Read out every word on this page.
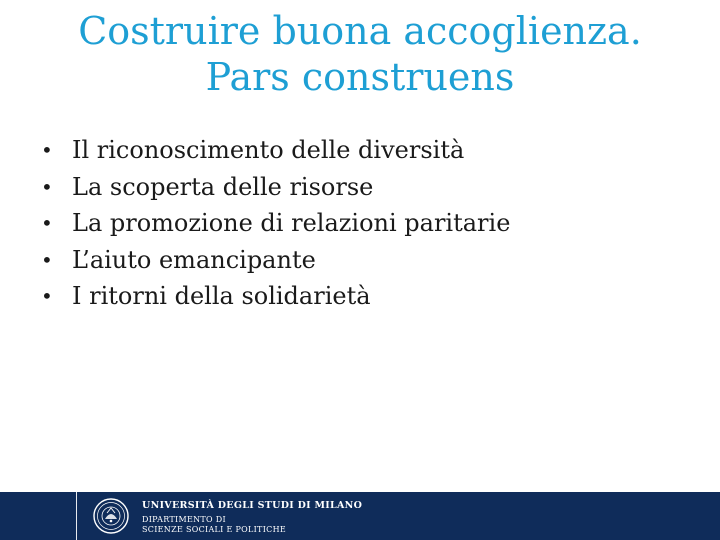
Costruire buona accoglienza.
Pars construens
• Il riconoscimento delle diversità
• La scoperta delle risorse
• La promozione di relazioni paritarie
• L’aiuto emancipante
• I ritorni della solidarietà
UNIVERSITÀ DEGLI STUDI DI MILANO
DIPARTIMENTO DI
SCIENZE SOCIALI E POLITICHE
